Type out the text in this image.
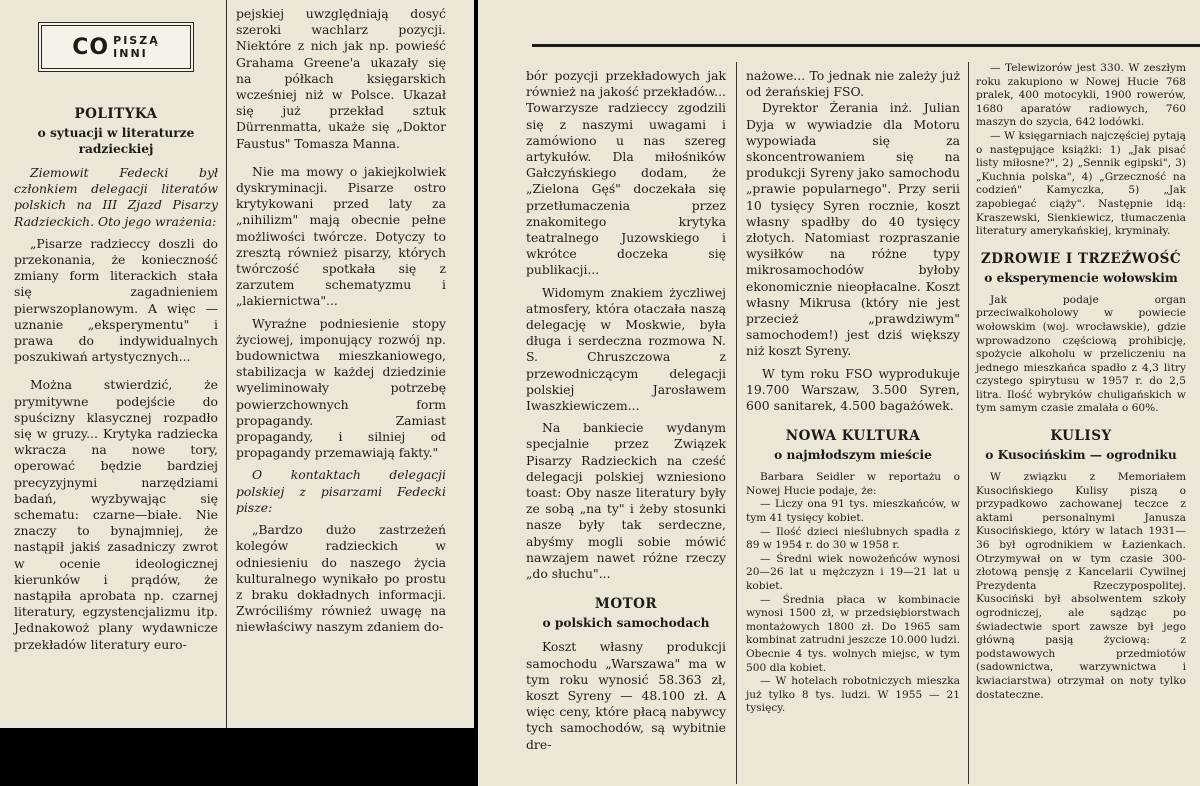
CO PISZĄ
INNI
POLITYKA
o sytuacji w literaturze radzieckiej

Ziemowit Fedecki był członkiem delegacji literatów polskich na III Zjazd Pisarzy Radzieckich. Oto jego wrażenia:

„Pisarze radzieccy doszli do przekonania, że konieczność zmiany form literackich stała się zagadnieniem pierwszoplanowym. A więc — uznanie „eksperymentu" i prawa do indywidualnych poszukiwań artystycznych...

Można stwierdzić, że prymitywne podejście do spuścizny klasycznej rozpadło się w gruzy... Krytyka radziecka wkracza na nowe tory, operować będzie bardziej precyzyjnymi narzędziami badań, wyzbywając się schematu: czarne—białe. Nie znaczy to bynajmniej, że nastąpił jakiś zasadniczy zwrot w ocenie ideologicznej kierunków i prądów, że nastąpiła aprobata np. czarnej literatury, egzystencjalizmu itp. Jednakowoż plany wydawnicze przekładów literatury euro-

pejskiej uwzględniają dosyć szeroki wachlarz pozycji. Niektóre z nich jak np. powieść Grahama Greene'a ukazały się na półkach księgarskich wcześniej niż w Polsce. Ukazał się już przekład sztuk Dürrenmatta, ukaże się „Doktor Faustus" Tomasza Manna.

Nie ma mowy o jakiejkolwiek dyskryminacji. Pisarze ostro krytykowani przed laty za „nihilizm" mają obecnie pełne możliwości twórcze. Dotyczy to zresztą również pisarzy, których twórczość spotkała się z zarzutem schematyzmu i „lakiernictwa"...

Wyraźne podniesienie stopy życiowej, imponujący rozwój np. budownictwa mieszkaniowego, stabilizacja w każdej dziedzinie wyeliminowały potrzebę powierzchownych form propagandy. Zamiast propagandy, i silniej od propagandy przemawiają fakty."

O kontaktach delegacji polskiej z pisarzami Fedecki pisze:

„Bardzo dużo zastrzeżeń kolegów radzieckich w odniesieniu do naszego życia kulturalnego wynikało po prostu z braku dokładnych informacji. Zwróciliśmy również uwagę na niewłaściwy naszym zdaniem do-

bór pozycji przekładowych jak również na jakość przekładów... Towarzysze radzieccy zgodzili się z naszymi uwagami i zamówiono u nas szereg artykułów. Dla miłośników Gałczyńskiego dodam, że „Zielona Gęś" doczekała się przetłumaczenia przez znakomitego krytyka teatralnego Juzowskiego i wkrótce doczeka się publikacji...

Widomym znakiem życzliwej atmosfery, która otaczała naszą delegację w Moskwie, była długa i serdeczna rozmowa N. S. Chruszczowa z przewodniczącym delegacji polskiej Jarosławem Iwaszkiewiczem...

Na bankiecie wydanym specjalnie przez Związek Pisarzy Radzieckich na cześć delegacji polskiej wzniesiono toast: Oby nasze literatury były ze sobą „na ty" i żeby stosunki nasze były tak serdeczne, abyśmy mogli sobie mówić nawzajem nawet różne rzeczy „do słuchu"...

MOTOR
o polskich samochodach

Koszt własny produkcji samochodu „Warszawa" ma w tym roku wynosić 58.363 zł, koszt Syreny — 48.100 zł. A więc ceny, które płacą nabywcy tych samochodów, są wybitnie dre-

nażowe... To jednak nie zależy już od żerańskiej FSO.

Dyrektor Żerania inż. Julian Dyja w wywiadzie dla Motoru wypowiada się za skoncentrowaniem się na produkcji Syreny jako samochodu „prawie popularnego". Przy serii 10 tysięcy Syren rocznie, koszt własny spadłby do 40 tysięcy złotych. Natomiast rozpraszanie wysiłków na różne typy mikrosamochodów byłoby ekonomicznie nieopłacalne. Koszt własny Mikrusa (który nie jest przecież „prawdziwym" samochodem!) jest dziś większy niż koszt Syreny.

W tym roku FSO wyprodukuje 19.700 Warszaw, 3.500 Syren, 600 sanitarek, 4.500 bagażówek.

NOWA KULTURA
o najmłodszym mieście

Barbara Seidler w reportażu o Nowej Hucie podaje, że:

— Liczy ona 91 tys. mieszkańców, w tym 41 tysięcy kobiet.

— Ilość dzieci nieślubnych spadła z 89 w 1954 r. do 30 w 1958 r.

— Średni wiek nowożeńców wynosi 20—26 lat u mężczyzn i 19—21 lat u kobiet.

— Średnia płaca w kombinacie wynosi 1500 zł, w przedsiębiorstwach montażowych 1800 zł. Do 1965 sam kombinat zatrudni jeszcze 10.000 ludzi. Obecnie 4 tys. wolnych miejsc, w tym 500 dla kobiet.

— W hotelach robotniczych mieszka już tylko 8 tys. ludzi. W 1955 — 21 tysięcy.

— Telewizorów jest 330. W zeszłym roku zakupiono w Nowej Hucie 768 pralek, 400 motocykli, 1900 rowerów, 1680 aparatów radiowych, 760 maszyn do szycia, 642 lodówki.

— W księgarniach najczęściej pytają o następujące książki: 1) „Jak pisać listy miłosne?", 2) „Sennik egipski", 3) „Kuchnia polska", 4) „Grzeczność na codzień" Kamyczka, 5) „Jak zapobiegać ciąży". Następnie idą: Kraszewski, Sienkiewicz, tłumaczenia literatury amerykańskiej, kryminały.

ZDROWIE I TRZEŹWOŚĆ
o eksperymencie wołowskim

Jak podaje organ przeciwalkoholowy w powiecie wołowskim (woj. wrocławskie), gdzie wprowadzono częściową prohibicję, spożycie alkoholu w przeliczeniu na jednego mieszkańca spadło z 4,3 litry czystego spirytusu w 1957 r. do 2,5 litra. Ilość wybryków chuligańskich w tym samym czasie zmalała o 60%.

KULISY
o Kusocińskim — ogrodniku

W związku z Memoriałem Kusocińskiego Kulisy piszą o przypadkowo zachowanej teczce z aktami personalnymi Janusza Kusocińskiego, który w latach 1931—36 był ogrodnikiem w Łazienkach. Otrzymywał on w tym czasie 300-złotową pensję z Kancelarii Cywilnej Prezydenta Rzeczypospolitej. Kusociński był absolwentem szkoły ogrodniczej, ale sądząc po świadectwie sport zawsze był jego główną pasją życiową: z podstawowych przedmiotów (sadownictwa, warzywnictwa i kwiaciarstwa) otrzymał on noty tylko dostateczne.
